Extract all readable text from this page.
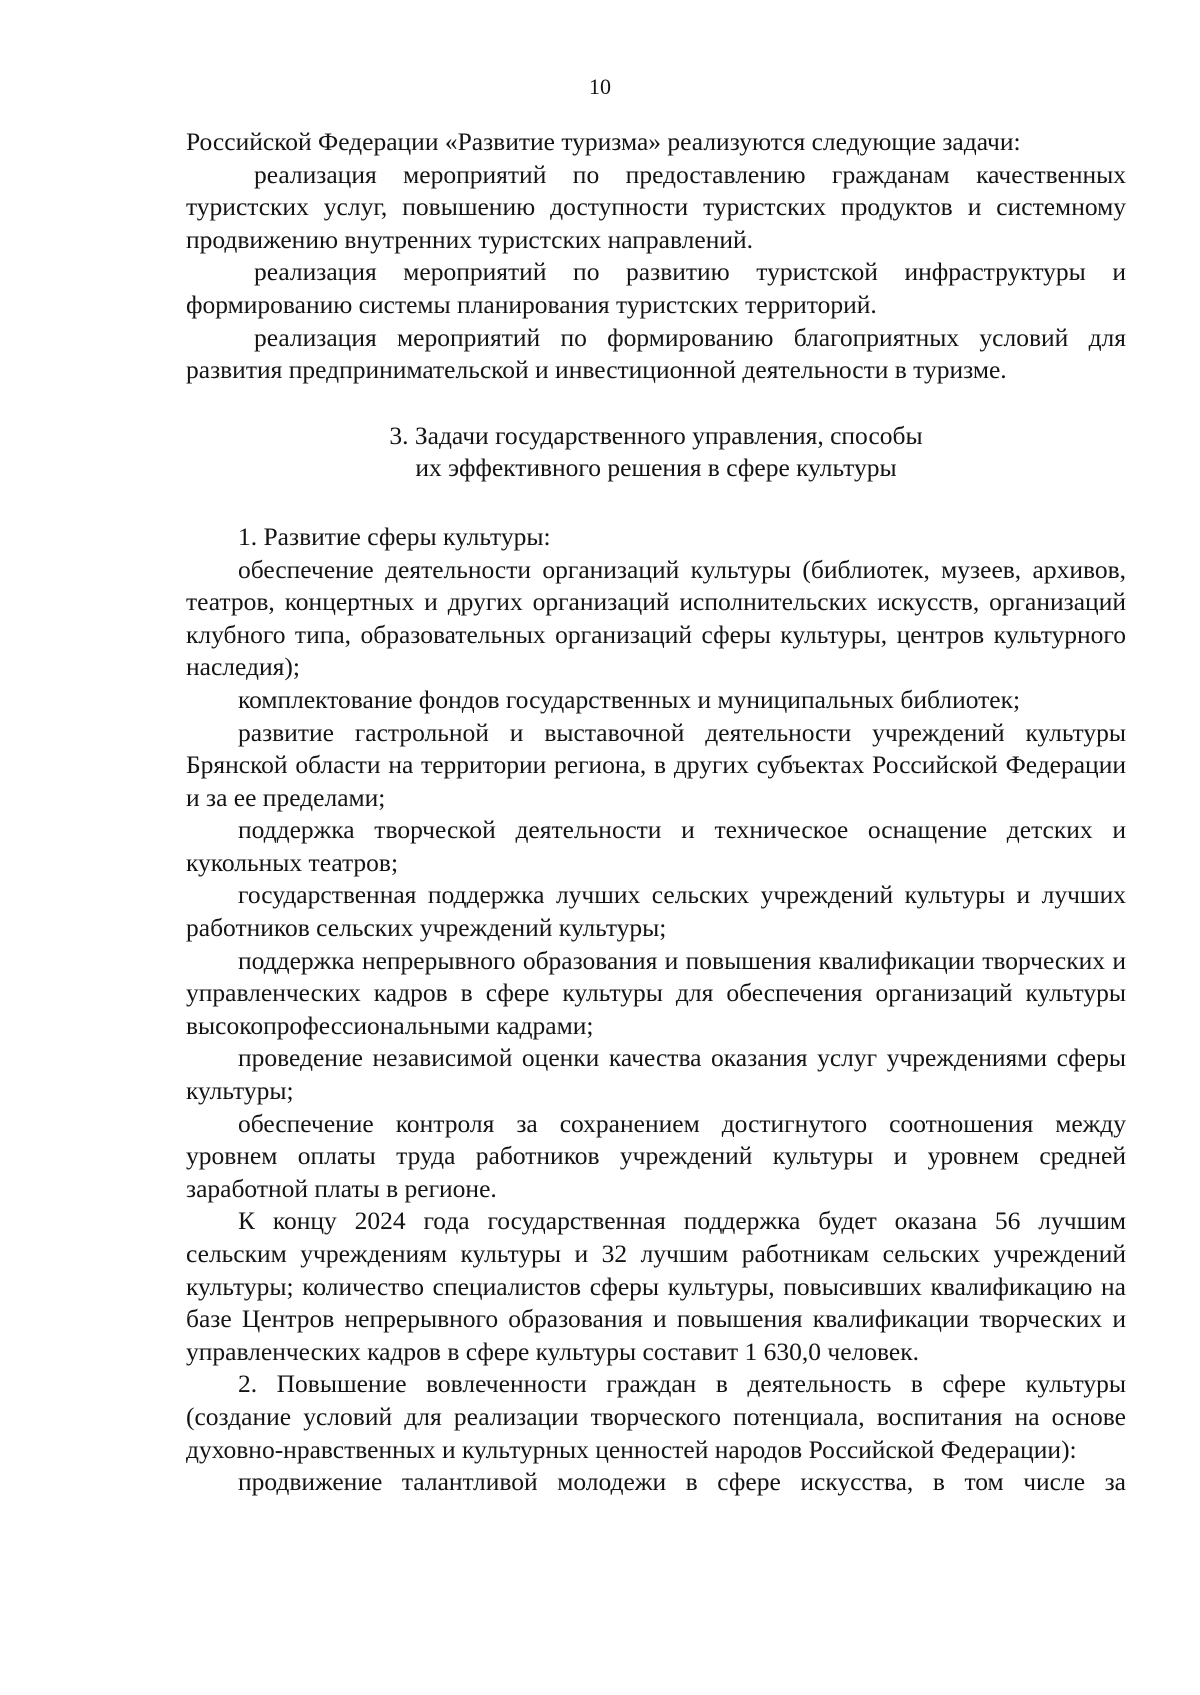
10

Российской Федерации «Развитие туризма» реализуются следующие задачи:

реализация мероприятий по предоставлению гражданам качественных туристских услуг, повышению доступности туристских продуктов и системному продвижению внутренних туристских направлений.

реализация мероприятий по развитию туристской инфраструктуры и формированию системы планирования туристских территорий.

реализация мероприятий по формированию благоприятных условий для развития предпринимательской и инвестиционной деятельности в туризме.

3. Задачи государственного управления, способы
их эффективного решения в сфере культуры

1. Развитие сферы культуры:

обеспечение деятельности организаций культуры (библиотек, музеев, архивов, театров, концертных и других организаций исполнительских искусств, организаций клубного типа, образовательных организаций сферы культуры, центров культурного наследия);

комплектование фондов государственных и муниципальных библиотек;

развитие гастрольной и выставочной деятельности учреждений культуры Брянской области на территории региона, в других субъектах Российской Федерации и за ее пределами;

поддержка творческой деятельности и техническое оснащение детских и кукольных театров;

государственная поддержка лучших сельских учреждений культуры и лучших работников сельских учреждений культуры;

поддержка непрерывного образования и повышения квалификации творческих и управленческих кадров в сфере культуры для обеспечения организаций культуры высокопрофессиональными кадрами;

проведение независимой оценки качества оказания услуг учреждениями сферы культуры;

обеспечение контроля за сохранением достигнутого соотношения между уровнем оплаты труда работников учреждений культуры и уровнем средней заработной платы в регионе.

К концу 2024 года государственная поддержка будет оказана 56 лучшим сельским учреждениям культуры и 32 лучшим работникам сельских учреждений культуры; количество специалистов сферы культуры, повысивших квалификацию на базе Центров непрерывного образования и повышения квалификации творческих и управленческих кадров в сфере культуры составит 1 630,0 человек.

2. Повышение вовлеченности граждан в деятельность в сфере культуры (создание условий для реализации творческого потенциала, воспитания на основе духовно-нравственных и культурных ценностей народов Российской Федерации):

продвижение талантливой молодежи в сфере искусства, в том числе за
